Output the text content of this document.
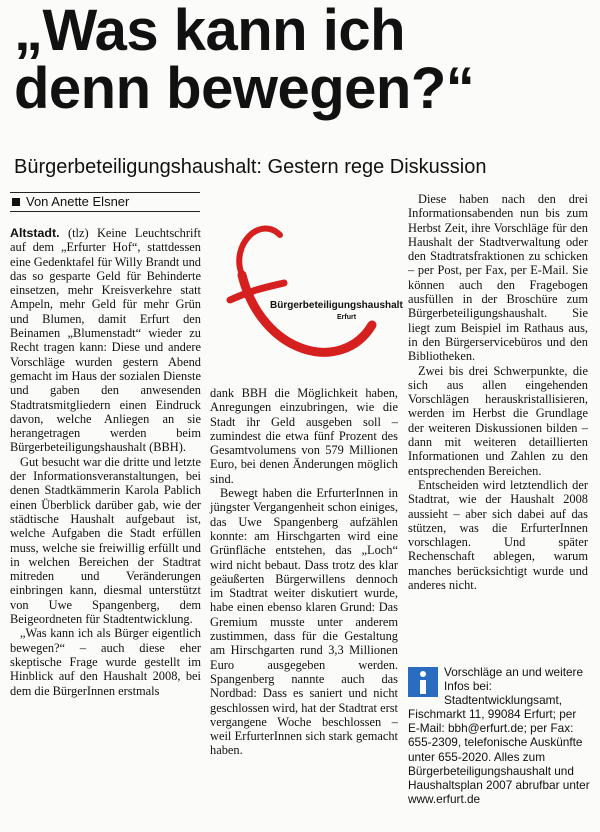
„Was kann ich
denn bewegen?“
Bürgerbeteiligungshaushalt: Gestern rege Diskussion
Von Anette Elsner

Altstadt. (tlz) Keine Leuchtschrift auf dem „Erfurter Hof“, stattdessen eine Gedenktafel für Willy Brandt und das so gesparte Geld für Behinderte einsetzen, mehr Kreisverkehre statt Ampeln, mehr Geld für mehr Grün und Blumen, damit Erfurt den Beinamen „Blumenstadt“ wieder zu Recht tragen kann: Diese und andere Vorschläge wurden gestern Abend gemacht im Haus der sozialen Dienste und gaben den anwesenden Stadtratsmitgliedern einen Eindruck davon, welche Anliegen an sie herangetragen werden beim Bürgerbeteiligungshaushalt (BBH).

Gut besucht war die dritte und letzte der Informationsveranstaltungen, bei denen Stadtkämmerin Karola Pablich einen Überblick darüber gab, wie der städtische Haushalt aufgebaut ist, welche Aufgaben die Stadt erfüllen muss, welche sie freiwillig erfüllt und in welchen Bereichen der Stadtrat mitreden und Veränderungen einbringen kann, diesmal unterstützt von Uwe Spangenberg, dem Beigeordneten für Stadtentwicklung.

„Was kann ich als Bürger eigentlich bewegen?“ – auch diese eher skeptische Frage wurde gestellt im Hinblick auf den Haushalt 2008, bei dem die BürgerInnen erstmals

Bürgerbeteiligungshaushalt
Erfurt

dank BBH die Möglichkeit haben, Anregungen einzubringen, wie die Stadt ihr Geld ausgeben soll – zumindest die etwa fünf Prozent des Gesamtvolumens von 579 Millionen Euro, bei denen Änderungen möglich sind.

Bewegt haben die ErfurterInnen in jüngster Vergangenheit schon einiges, das Uwe Spangenberg aufzählen konnte: am Hirschgarten wird eine Grünfläche entstehen, das „Loch“ wird nicht bebaut. Dass trotz des klar geäußerten Bürgerwillens dennoch im Stadtrat weiter diskutiert wurde, habe einen ebenso klaren Grund: Das Gremium musste unter anderem zustimmen, dass für die Gestaltung am Hirschgarten rund 3,3 Millionen Euro ausgegeben werden. Spangenberg nannte auch das Nordbad: Dass es saniert und nicht geschlossen wird, hat der Stadtrat erst vergangene Woche beschlossen – weil ErfurterInnen sich stark gemacht haben.

Diese haben nach den drei Informationsabenden nun bis zum Herbst Zeit, ihre Vorschläge für den Haushalt der Stadtverwaltung oder den Stadtratsfraktionen zu schicken – per Post, per Fax, per E-Mail. Sie können auch den Fragebogen ausfüllen in der Broschüre zum Bürgerbeteiligungshaushalt. Sie liegt zum Beispiel im Rathaus aus, in den Bürgerservicebüros und den Bibliotheken.

Zwei bis drei Schwerpunkte, die sich aus allen eingehenden Vorschlägen herauskristallisieren, werden im Herbst die Grundlage der weiteren Diskussionen bilden – dann mit weiteren detaillierten Informationen und Zahlen zu den entsprechenden Bereichen.

Entscheiden wird letztendlich der Stadtrat, wie der Haushalt 2008 aussieht – aber sich dabei auf das stützen, was die ErfurterInnen vorschlagen. Und später Rechenschaft ablegen, warum manches berücksichtigt wurde und anderes nicht.

Vorschläge an und weitere Infos bei: Stadtentwicklungsamt, Fischmarkt 11, 99084 Erfurt; per E-Mail: bbh@erfurt.de; per Fax: 655-2309, telefonische Auskünfte unter 655-2020. Alles zum Bürgerbeteiligungshaushalt und Haushaltsplan 2007 abrufbar unter www.erfurt.de
